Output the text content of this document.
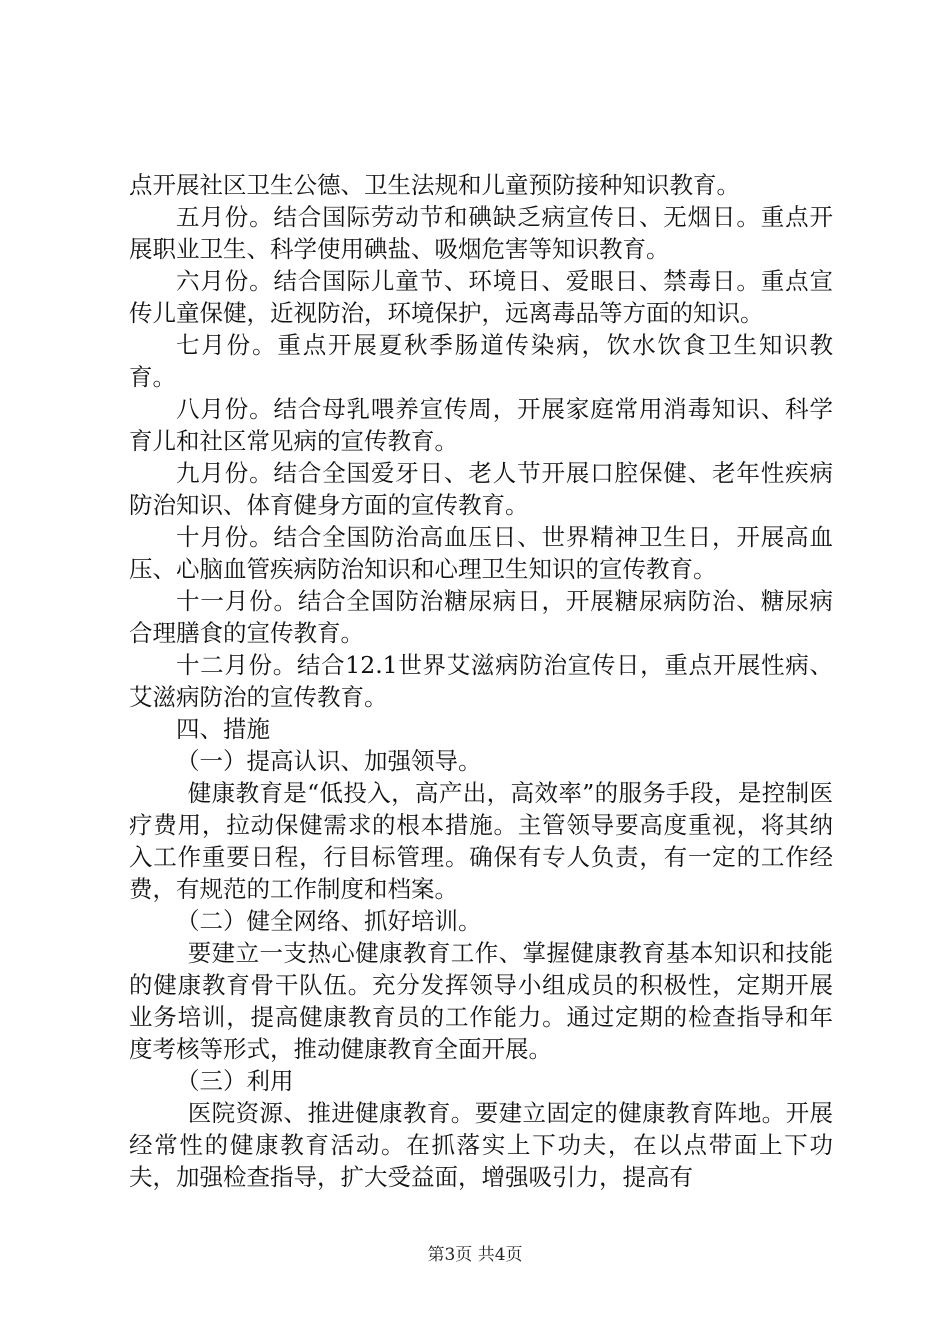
点开展社区卫生公德、卫生法规和儿童预防接种知识教育。

五月份。结合国际劳动节和碘缺乏病宣传日、无烟日。重点开展职业卫生、科学使用碘盐、吸烟危害等知识教育。

六月份。结合国际儿童节、环境日、爱眼日、禁毒日。重点宣传儿童保健，近视防治，环境保护，远离毒品等方面的知识。

七月份。重点开展夏秋季肠道传染病，饮水饮食卫生知识教育。

八月份。结合母乳喂养宣传周，开展家庭常用消毒知识、科学育儿和社区常见病的宣传教育。

九月份。结合全国爱牙日、老人节开展口腔保健、老年性疾病防治知识、体育健身方面的宣传教育。

十月份。结合全国防治高血压日、世界精神卫生日，开展高血压、心脑血管疾病防治知识和心理卫生知识的宣传教育。

十一月份。结合全国防治糖尿病日，开展糖尿病防治、糖尿病合理膳食的宣传教育。

十二月份。结合12.1世界艾滋病防治宣传日，重点开展性病、艾滋病防治的宣传教育。

四、措施

（一）提高认识、加强领导。

健康教育是“低投入，高产出，高效率”的服务手段，是控制医疗费用，拉动保健需求的根本措施。主管领导要高度重视，将其纳入工作重要日程，行目标管理。确保有专人负责，有一定的工作经费，有规范的工作制度和档案。

（二）健全网络、抓好培训。

要建立一支热心健康教育工作、掌握健康教育基本知识和技能的健康教育骨干队伍。充分发挥领导小组成员的积极性，定期开展业务培训，提高健康教育员的工作能力。通过定期的检查指导和年度考核等形式，推动健康教育全面开展。

（三）利用

医院资源、推进健康教育。要建立固定的健康教育阵地。开展经常性的健康教育活动。在抓落实上下功夫，在以点带面上下功夫，加强检查指导，扩大受益面，增强吸引力，提高有

第3页 共4页
